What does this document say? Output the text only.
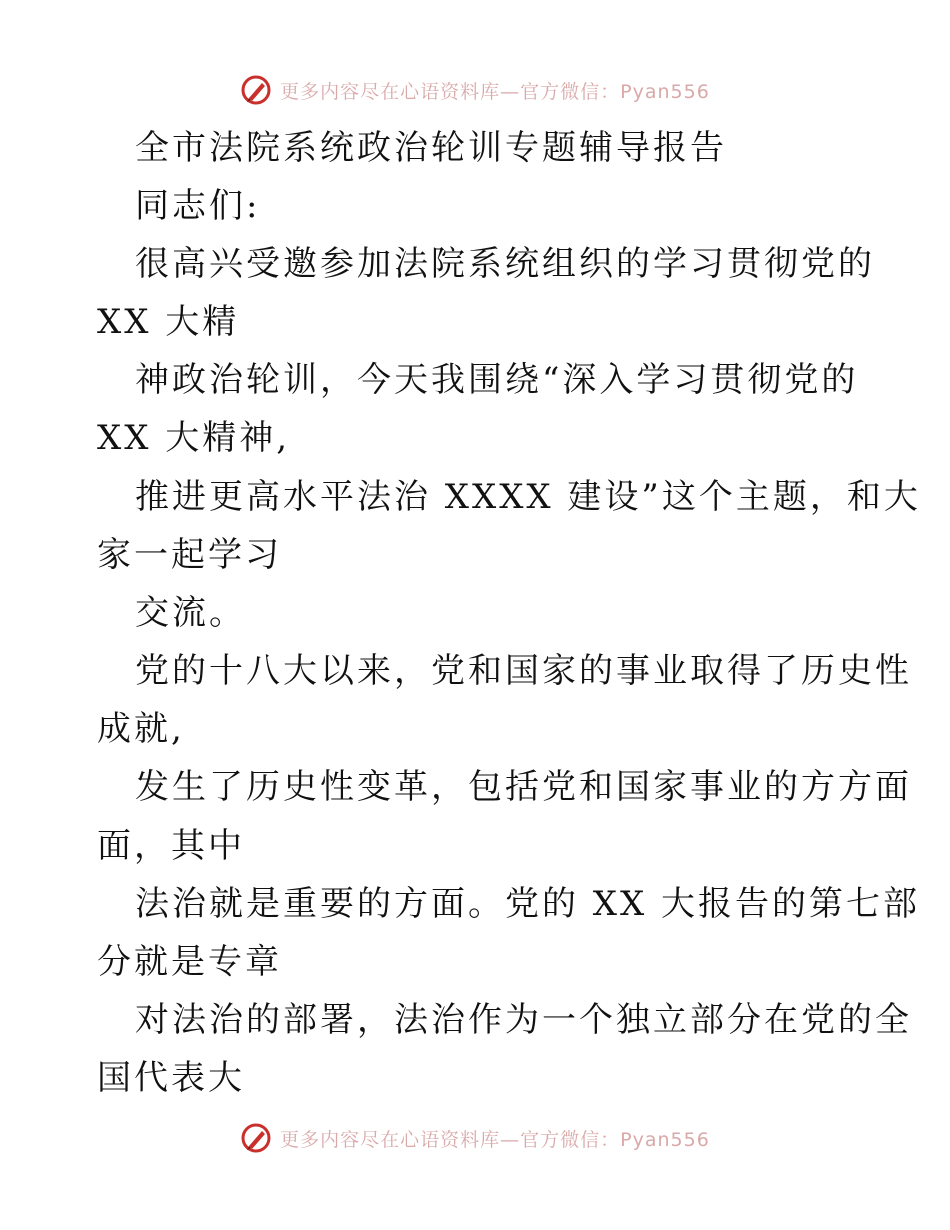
更多内容尽在心语资料库—官方微信：Pyan556
全市法院系统政治轮训专题辅导报告
同志们:
很高兴受邀参加法院系统组织的学习贯彻党的
XX 大精
神政治轮训，今天我围绕“深入学习贯彻党的
XX 大精神,
推进更高水平法治 XXXX 建设”这个主题，和大
家一起学习
交流。
党的十八大以来，党和国家的事业取得了历史性
成就,
发生了历史性变革，包括党和国家事业的方方面
面，其中
法治就是重要的方面。党的 XX 大报告的第七部
分就是专章
对法治的部署，法治作为一个独立部分在党的全
国代表大
更多内容尽在心语资料库—官方微信：Pyan556
